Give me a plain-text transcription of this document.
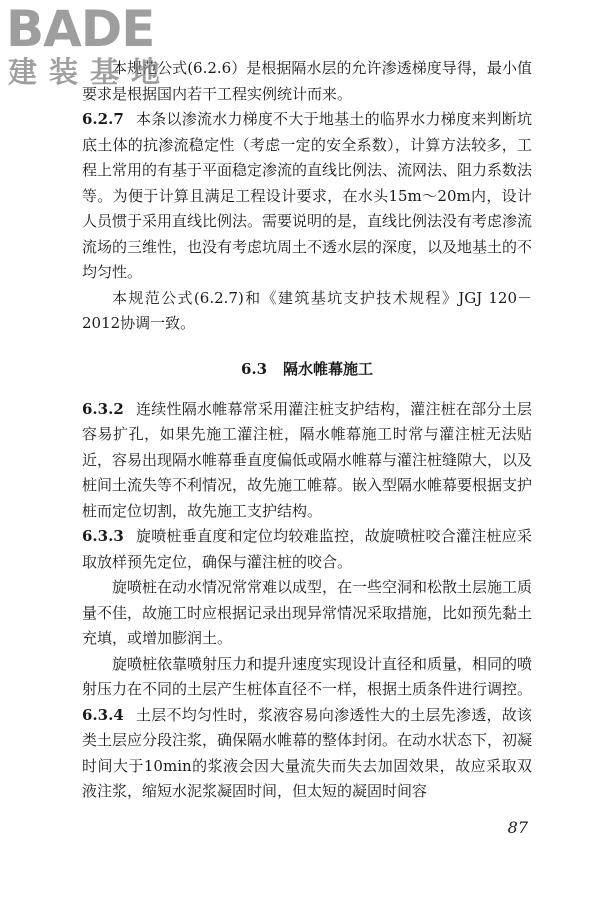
BADE
建装基地

本规范公式(6.2.6）是根据隔水层的允许渗透梯度导得，最小值要求是根据国内若干工程实例统计而来。

6.2.7 本条以渗流水力梯度不大于地基土的临界水力梯度来判断坑底土体的抗渗流稳定性（考虑一定的安全系数），计算方法较多，工程上常用的有基于平面稳定渗流的直线比例法、流网法、阻力系数法等。为便于计算且满足工程设计要求，在水头15m～20m内，设计人员惯于采用直线比例法。需要说明的是，直线比例法没有考虑渗流流场的三维性，也没有考虑坑周土不透水层的深度，以及地基土的不均匀性。

本规范公式(6.2.7)和《建筑基坑支护技术规程》JGJ 120－2012协调一致。

6.3 隔水帷幕施工

6.3.2 连续性隔水帷幕常采用灌注桩支护结构，灌注桩在部分土层容易扩孔，如果先施工灌注桩，隔水帷幕施工时常与灌注桩无法贴近，容易出现隔水帷幕垂直度偏低或隔水帷幕与灌注桩缝隙大，以及桩间土流失等不利情况，故先施工帷幕。嵌入型隔水帷幕要根据支护桩而定位切割，故先施工支护结构。

6.3.3 旋喷桩垂直度和定位均较难监控，故旋喷桩咬合灌注桩应采取放样预先定位，确保与灌注桩的咬合。

旋喷桩在动水情况常常难以成型，在一些空洞和松散土层施工质量不佳，故施工时应根据记录出现异常情况采取措施，比如预先黏土充填，或增加膨润土。

旋喷桩依靠喷射压力和提升速度实现设计直径和质量，相同的喷射压力在不同的土层产生桩体直径不一样，根据土质条件进行调控。

6.3.4 土层不均匀性时，浆液容易向渗透性大的土层先渗透，故该类土层应分段注浆，确保隔水帷幕的整体封闭。在动水状态下，初凝时间大于10min的浆液会因大量流失而失去加固效果，故应采取双液注浆，缩短水泥浆凝固时间，但太短的凝固时间容

87
